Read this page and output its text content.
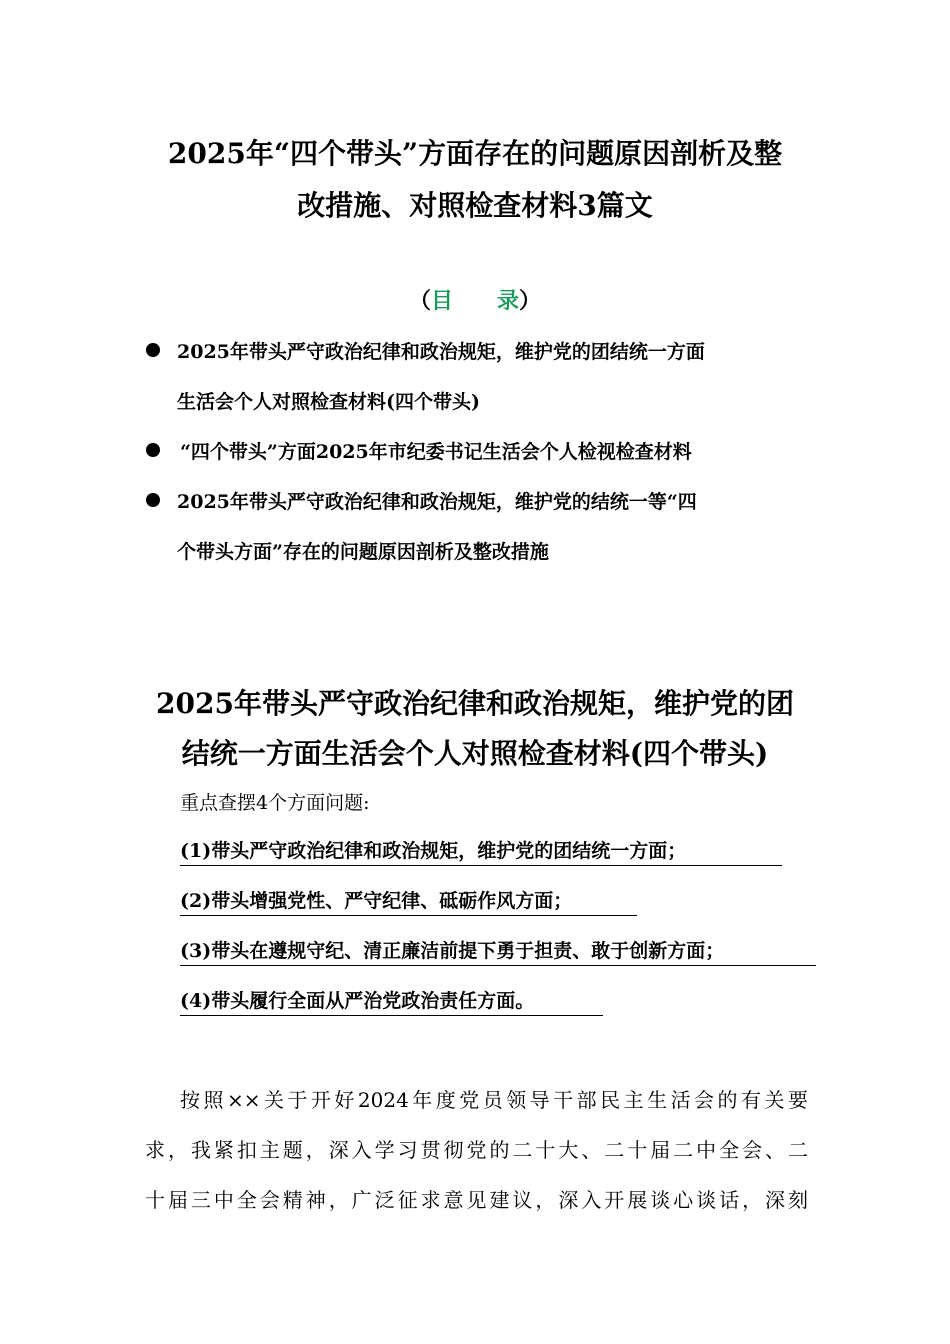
2025年“四个带头”方面存在的问题原因剖析及整
改措施、对照检查材料3篇文
（目 录）
2025年带头严守政治纪律和政治规矩，维护党的团结统一方面
生活会个人对照检查材料(四个带头)
“四个带头”方面2025年市纪委书记生活会个人检视检查材料
2025年带头严守政治纪律和政治规矩，维护党的结统一等“四
个带头方面”存在的问题原因剖析及整改措施
2025年带头严守政治纪律和政治规矩，维护党的团
结统一方面生活会个人对照检查材料(四个带头)
重点查摆4个方面问题:
(1)带头严守政治纪律和政治规矩，维护党的团结统一方面；
(2)带头增强党性、严守纪律、砥砺作风方面；
(3)带头在遵规守纪、清正廉洁前提下勇于担责、敢于创新方面；
(4)带头履行全面从严治党政治责任方面。
按照××关于开好2024年度党员领导干部民主生活会的有关要
求，我紧扣主题，深入学习贯彻党的二十大、二十届二中全会、二
十届三中全会精神，广泛征求意见建议，深入开展谈心谈话，深刻
